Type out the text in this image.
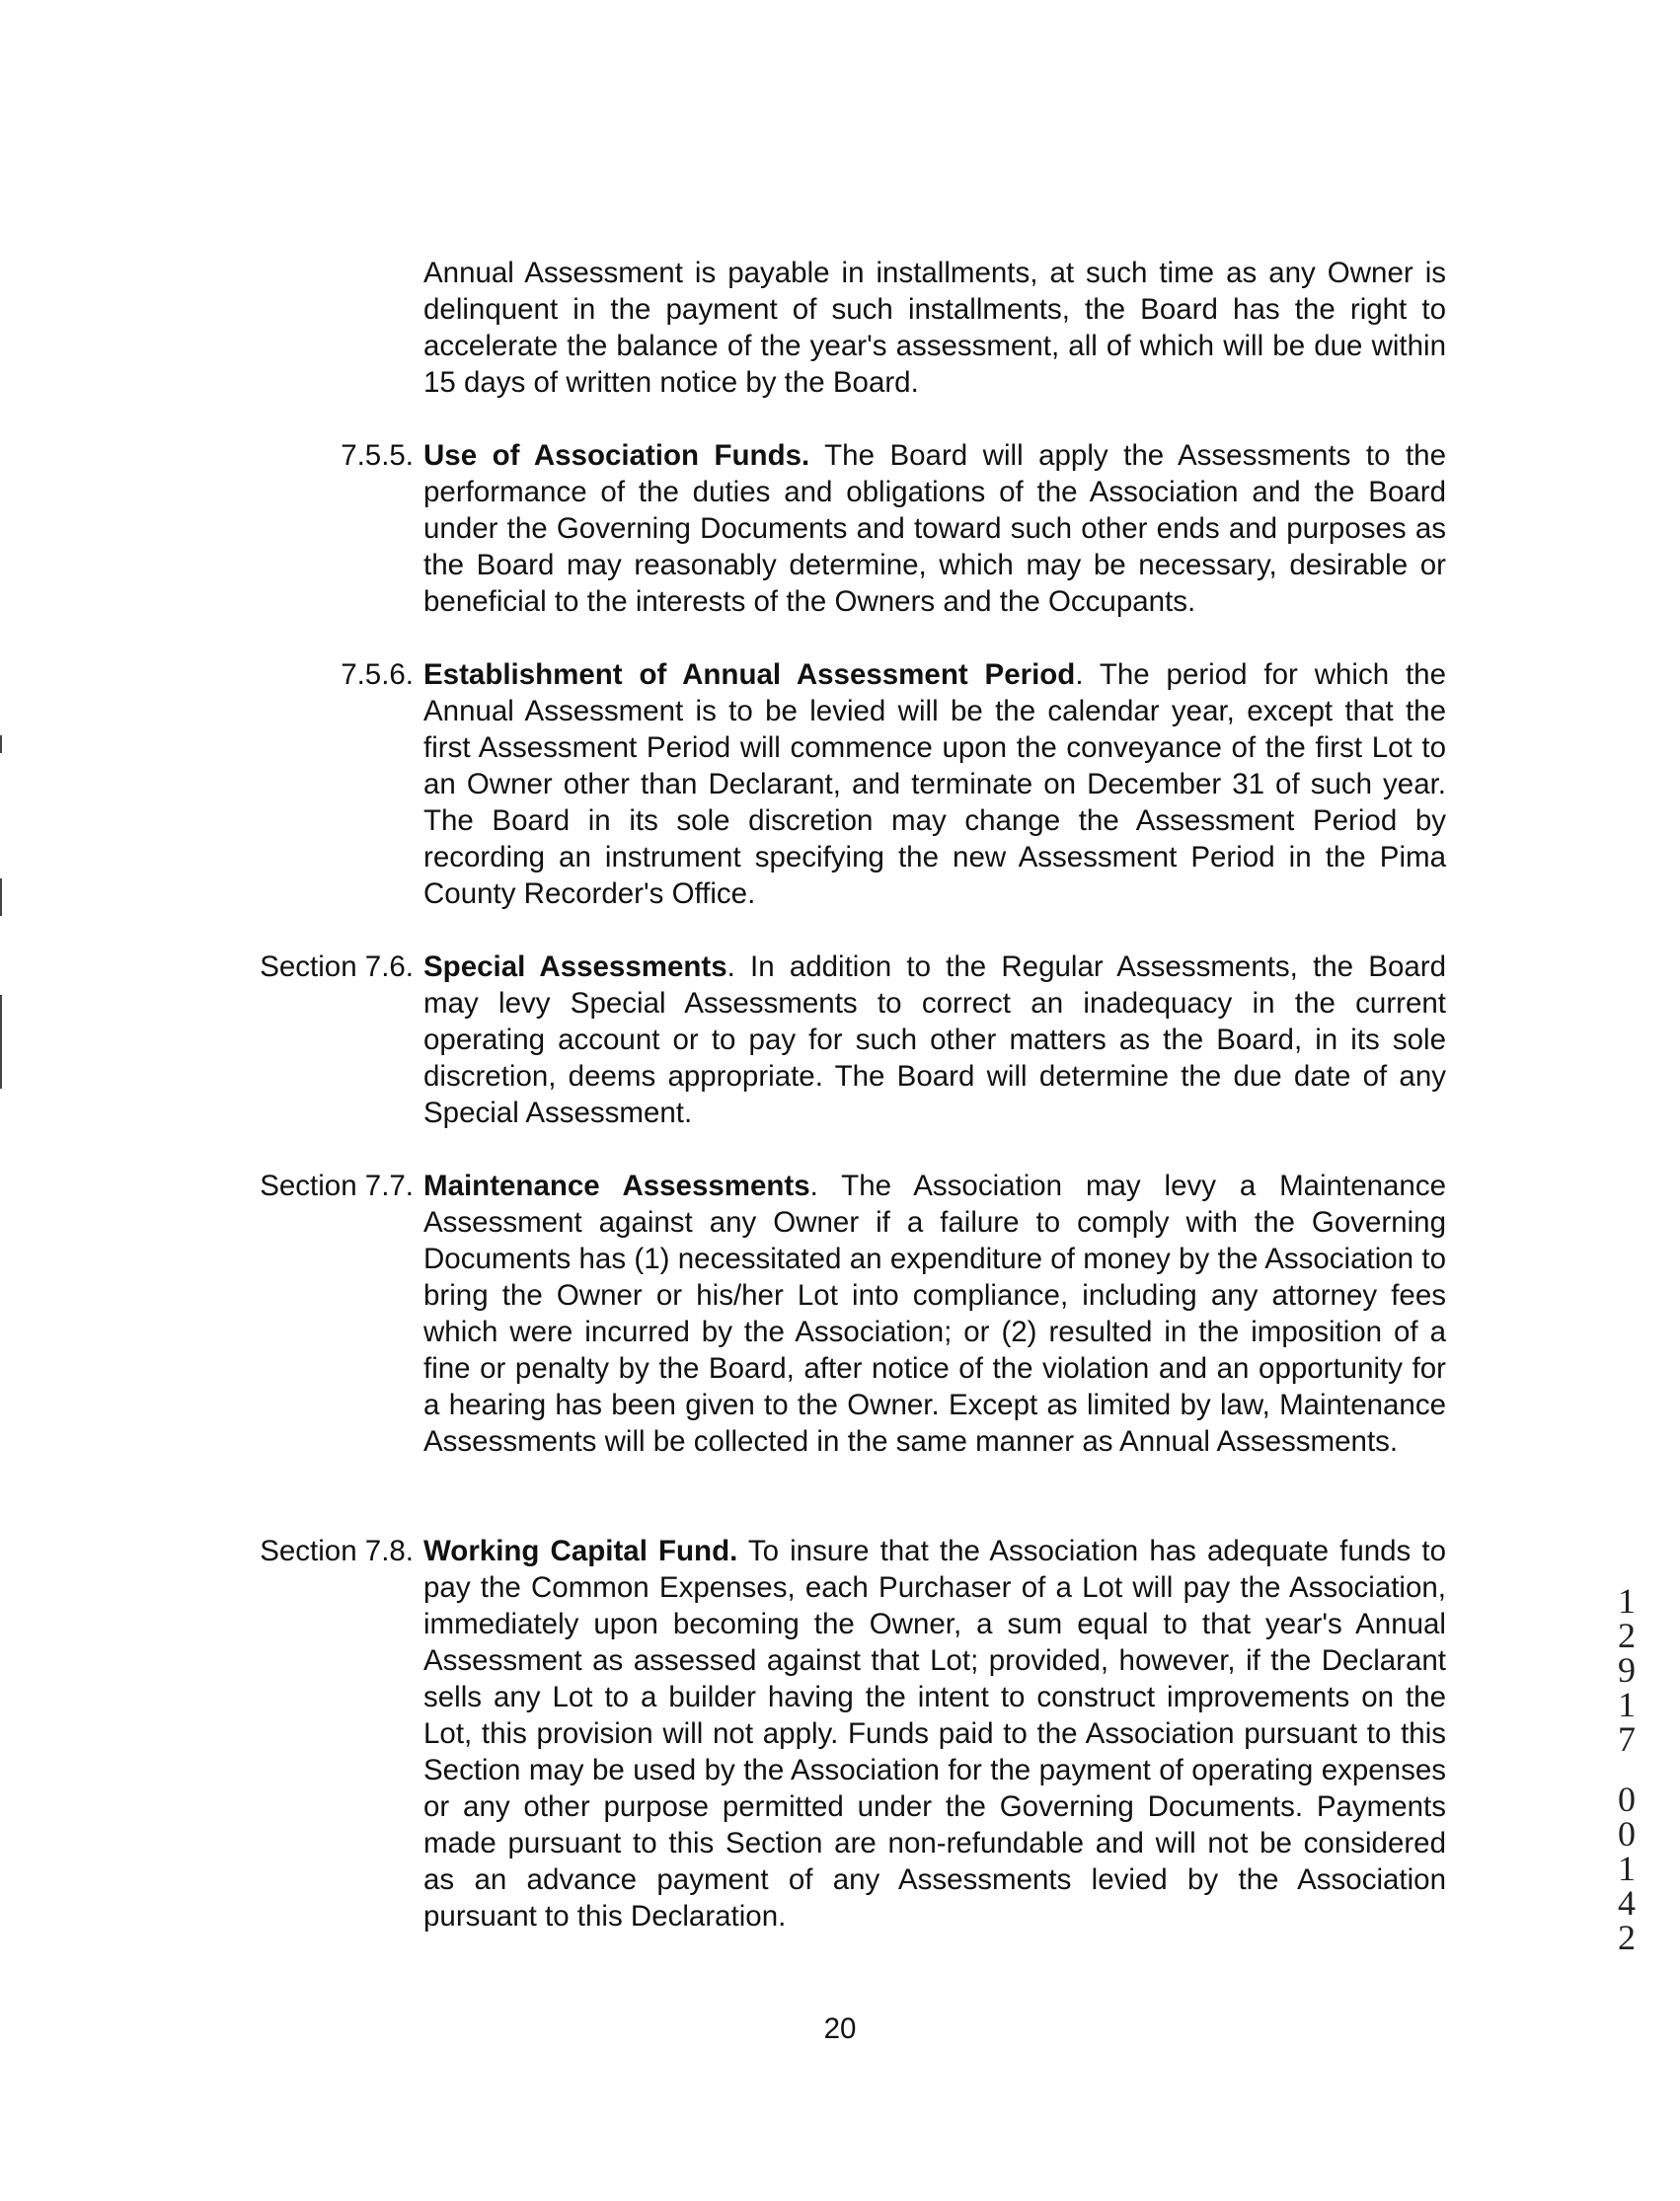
Annual Assessment is payable in installments, at such time as any Owner is delinquent in the payment of such installments, the Board has the right to accelerate the balance of the year's assessment, all of which will be due within 15 days of written notice by the Board.
7.5.5. Use of Association Funds. The Board will apply the Assessments to the performance of the duties and obligations of the Association and the Board under the Governing Documents and toward such other ends and purposes as the Board may reasonably determine, which may be necessary, desirable or beneficial to the interests of the Owners and the Occupants.
7.5.6. Establishment of Annual Assessment Period. The period for which the Annual Assessment is to be levied will be the calendar year, except that the first Assessment Period will commence upon the conveyance of the first Lot to an Owner other than Declarant, and terminate on December 31 of such year. The Board in its sole discretion may change the Assessment Period by recording an instrument specifying the new Assessment Period in the Pima County Recorder's Office.
Section 7.6. Special Assessments. In addition to the Regular Assessments, the Board may levy Special Assessments to correct an inadequacy in the current operating account or to pay for such other matters as the Board, in its sole discretion, deems appropriate. The Board will determine the due date of any Special Assessment.
Section 7.7. Maintenance Assessments. The Association may levy a Maintenance Assessment against any Owner if a failure to comply with the Governing Documents has (1) necessitated an expenditure of money by the Association to bring the Owner or his/her Lot into compliance, including any attorney fees which were incurred by the Association; or (2) resulted in the imposition of a fine or penalty by the Board, after notice of the violation and an opportunity for a hearing has been given to the Owner. Except as limited by law, Maintenance Assessments will be collected in the same manner as Annual Assessments.
Section 7.8. Working Capital Fund. To insure that the Association has adequate funds to pay the Common Expenses, each Purchaser of a Lot will pay the Association, immediately upon becoming the Owner, a sum equal to that year's Annual Assessment as assessed against that Lot; provided, however, if the Declarant sells any Lot to a builder having the intent to construct improvements on the Lot, this provision will not apply. Funds paid to the Association pursuant to this Section may be used by the Association for the payment of operating expenses or any other purpose permitted under the Governing Documents. Payments made pursuant to this Section are non-refundable and will not be considered as an advance payment of any Assessments levied by the Association pursuant to this Declaration.
20
1
2
9
1
7
0
0
1
4
2
